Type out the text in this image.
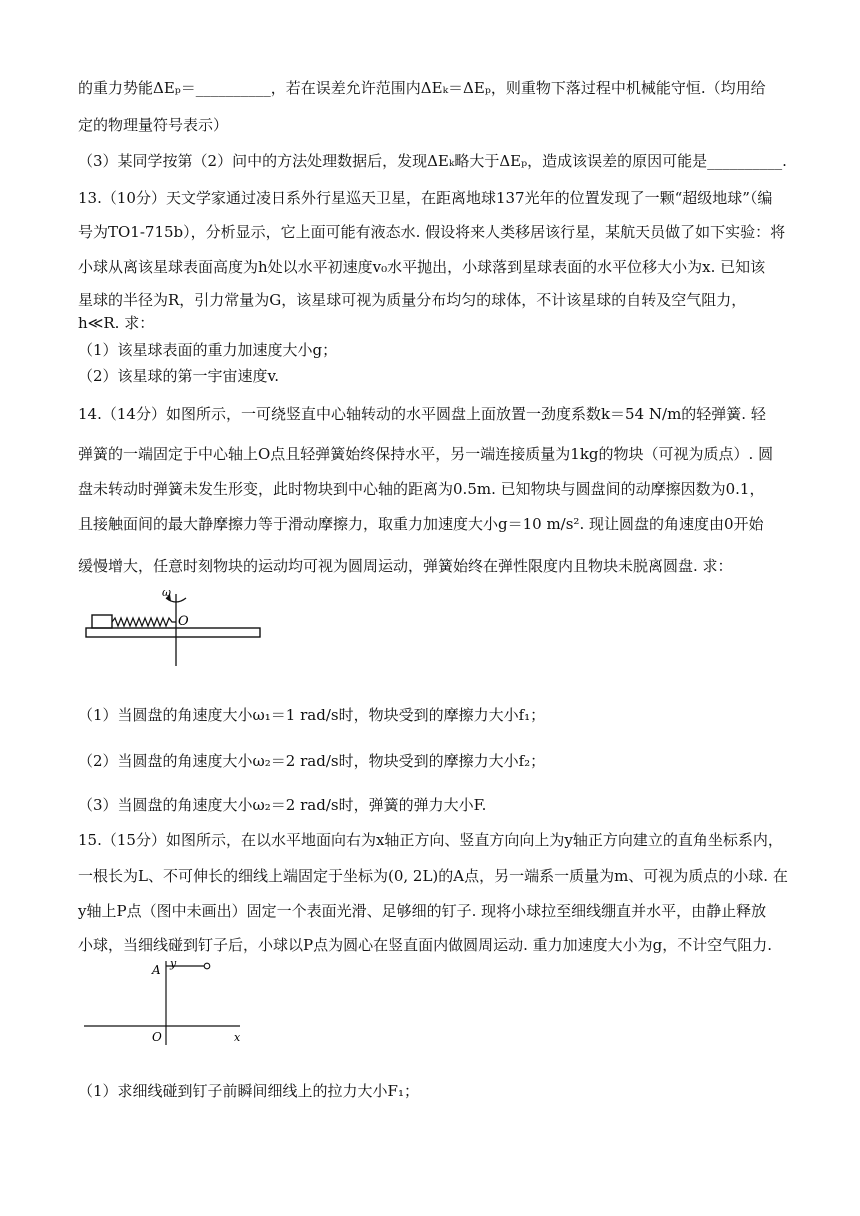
的重力势能ΔEₚ＝__________，若在误差允许范围内ΔEₖ＝ΔEₚ，则重物下落过程中机械能守恒.（均用给
定的物理量符号表示）
（3）某同学按第（2）问中的方法处理数据后，发现ΔEₖ略大于ΔEₚ，造成该误差的原因可能是__________.
13.（10分）天文学家通过凌日系外行星巡天卫星，在距离地球137光年的位置发现了一颗“超级地球”（编
号为TO1-715b），分析显示，它上面可能有液态水. 假设将来人类移居该行星，某航天员做了如下实验：将
小球从离该星球表面高度为h处以水平初速度v₀水平抛出，小球落到星球表面的水平位移大小为x. 已知该
星球的半径为R，引力常量为G，该星球可视为质量分布均匀的球体，不计该星球的自转及空气阻力，
h≪R. 求：
（1）该星球表面的重力加速度大小g；
（2）该星球的第一宇宙速度v.
14.（14分）如图所示，一可绕竖直中心轴转动的水平圆盘上面放置一劲度系数k＝54 N/m的轻弹簧. 轻
弹簧的一端固定于中心轴上O点且轻弹簧始终保持水平，另一端连接质量为1kg的物块（可视为质点）. 圆
盘未转动时弹簧未发生形变，此时物块到中心轴的距离为0.5m. 已知物块与圆盘间的动摩擦因数为0.1，
且接触面间的最大静摩擦力等于滑动摩擦力，取重力加速度大小g＝10 m/s². 现让圆盘的角速度由0开始
缓慢增大，任意时刻物块的运动均可视为圆周运动，弹簧始终在弹性限度内且物块未脱离圆盘. 求：
ω
O
（1）当圆盘的角速度大小ω₁＝1 rad/s时，物块受到的摩擦力大小f₁；
（2）当圆盘的角速度大小ω₂＝2 rad/s时，物块受到的摩擦力大小f₂；
（3）当圆盘的角速度大小ω₂＝2 rad/s时，弹簧的弹力大小F.
15.（15分）如图所示，在以水平地面向右为x轴正方向、竖直方向向上为y轴正方向建立的直角坐标系内，
一根长为L、不可伸长的细线上端固定于坐标为(0, 2L)的A点，另一端系一质量为m、可视为质点的小球. 在
y轴上P点（图中未画出）固定一个表面光滑、足够细的钉子. 现将小球拉至细线绷直并水平，由静止释放
小球，当细线碰到钉子后，小球以P点为圆心在竖直面内做圆周运动. 重力加速度大小为g，不计空气阻力.
A y
O	x
（1）求细线碰到钉子前瞬间细线上的拉力大小F₁；
